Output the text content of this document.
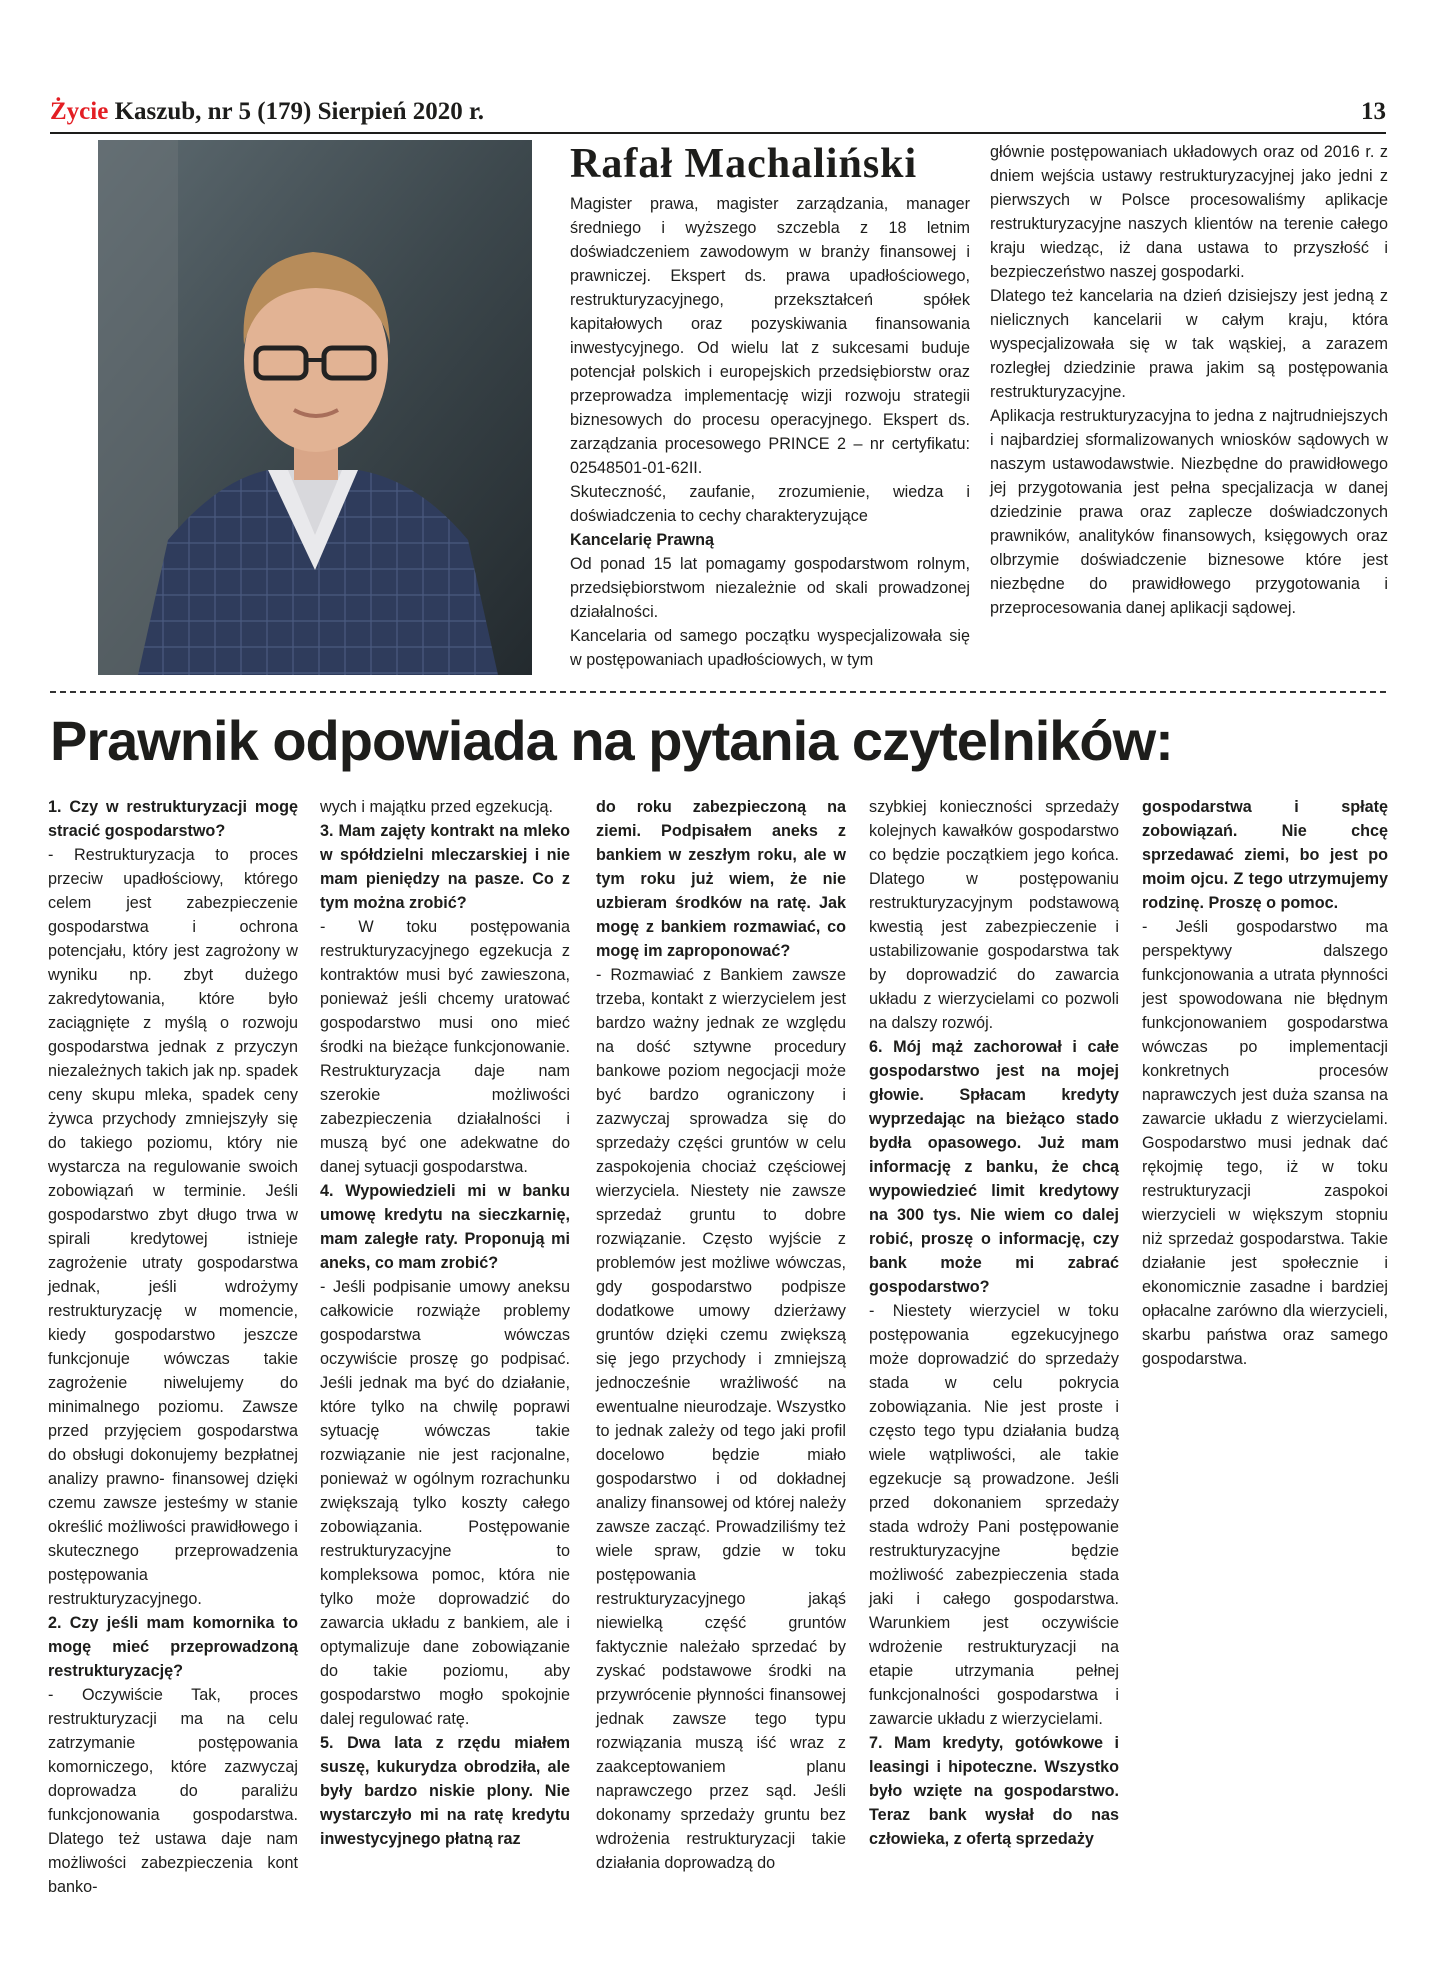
Życie Kaszub, nr 5 (179) Sierpień 2020 r.	13
Rafał Machaliński

Magister prawa, magister zarządzania, manager średniego i wyższego szczebla z 18 letnim doświadczeniem zawodowym w branży finansowej i prawniczej. Ekspert ds. prawa upadłościowego, restrukturyzacyjnego, przekształceń spółek kapitałowych oraz pozyskiwania finansowania inwestycyjnego. Od wielu lat z sukcesami buduje potencjał polskich i europejskich przedsiębiorstw oraz przeprowadza implementację wizji rozwoju strategii biznesowych do procesu operacyjnego. Ekspert ds. zarządzania procesowego PRINCE 2 – nr certyfikatu: 02548501-01-62II.

Skuteczność, zaufanie, zrozumienie, wiedza i doświadczenia to cechy charakteryzujące

Kancelarię Prawną

Od ponad 15 lat pomagamy gospodarstwom rolnym, przedsiębiorstwom niezależnie od skali prowadzonej działalności.

Kancelaria od samego początku wyspecjalizowała się w postępowaniach upadłościowych, w tym

głównie postępowaniach układowych oraz od 2016 r. z dniem wejścia ustawy restrukturyzacyjnej jako jedni z pierwszych w Polsce procesowaliśmy aplikacje restrukturyzacyjne naszych klientów na terenie całego kraju wiedząc, iż dana ustawa to przyszłość i bezpieczeństwo naszej gospodarki.

Dlatego też kancelaria na dzień dzisiejszy jest jedną z nielicznych kancelarii w całym kraju, która wyspecjalizowała się w tak wąskiej, a zarazem rozległej dziedzinie prawa jakim są postępowania restrukturyzacyjne.

Aplikacja restrukturyzacyjna to jedna z najtrudniejszych i najbardziej sformalizowanych wniosków sądowych w naszym ustawodawstwie. Niezbędne do prawidłowego jej przygotowania jest pełna specjalizacja w danej dziedzinie prawa oraz zaplecze doświadczonych prawników, analityków finansowych, księgowych oraz olbrzymie doświadczenie biznesowe które jest niezbędne do prawidłowego przygotowania i przeprocesowania danej aplikacji sądowej.

Prawnik odpowiada na pytania czytelników:

1. Czy w restrukturyzacji mogę stracić gospodarstwo?

- Restrukturyzacja to proces przeciw upadłościowy, którego celem jest zabezpieczenie gospodarstwa i ochrona potencjału, który jest zagrożony w wyniku np. zbyt dużego zakredytowania, które było zaciągnięte z myślą o rozwoju gospodarstwa jednak z przyczyn niezależnych takich jak np. spadek ceny skupu mleka, spadek ceny żywca przychody zmniejszyły się do takiego poziomu, który nie wystarcza na regulowanie swoich zobowiązań w terminie. Jeśli gospodarstwo zbyt długo trwa w spirali kredytowej istnieje zagrożenie utraty gospodarstwa jednak, jeśli wdrożymy restrukturyzację w momencie, kiedy gospodarstwo jeszcze funkcjonuje wówczas takie zagrożenie niwelujemy do minimalnego poziomu. Zawsze przed przyjęciem gospodarstwa do obsługi dokonujemy bezpłatnej analizy prawno- finansowej dzięki czemu zawsze jesteśmy w stanie określić możliwości prawidłowego i skutecznego przeprowadzenia postępowania restrukturyzacyjnego.

2. Czy jeśli mam komornika to mogę mieć przeprowadzoną restrukturyzację?

- Oczywiście Tak, proces restrukturyzacji ma na celu zatrzymanie postępowania komorniczego, które zazwyczaj doprowadza do paraliżu funkcjonowania gospodarstwa. Dlatego też ustawa daje nam możliwości zabezpieczenia kont banko-

wych i majątku przed egzekucją.

3. Mam zajęty kontrakt na mleko w spółdzielni mleczarskiej i nie mam pieniędzy na pasze. Co z tym można zrobić?

- W toku postępowania restrukturyzacyjnego egzekucja z kontraktów musi być zawieszona, ponieważ jeśli chcemy uratować gospodarstwo musi ono mieć środki na bieżące funkcjonowanie. Restrukturyzacja daje nam szerokie możliwości zabezpieczenia działalności i muszą być one adekwatne do danej sytuacji gospodarstwa.

4. Wypowiedzieli mi w banku umowę kredytu na sieczkarnię, mam zaległe raty. Proponują mi aneks, co mam zrobić?

- Jeśli podpisanie umowy aneksu całkowicie rozwiąże problemy gospodarstwa wówczas oczywiście proszę go podpisać. Jeśli jednak ma być do działanie, które tylko na chwilę poprawi sytuację wówczas takie rozwiązanie nie jest racjonalne, ponieważ w ogólnym rozrachunku zwiększają tylko koszty całego zobowiązania. Postępowanie restrukturyzacyjne to kompleksowa pomoc, która nie tylko może doprowadzić do zawarcia układu z bankiem, ale i optymalizuje dane zobowiązanie do takie poziomu, aby gospodarstwo mogło spokojnie dalej regulować ratę.

5. Dwa lata z rzędu miałem suszę, kukurydza obrodziła, ale były bardzo niskie plony. Nie wystarczyło mi na ratę kredytu inwestycyjnego płatną raz

do roku zabezpieczoną na ziemi. Podpisałem aneks z bankiem w zeszłym roku, ale w tym roku już wiem, że nie uzbieram środków na ratę. Jak mogę z bankiem rozmawiać, co mogę im zaproponować?

- Rozmawiać z Bankiem zawsze trzeba, kontakt z wierzycielem jest bardzo ważny jednak ze względu na dość sztywne procedury bankowe poziom negocjacji może być bardzo ograniczony i zazwyczaj sprowadza się do sprzedaży części gruntów w celu zaspokojenia chociaż częściowej wierzyciela. Niestety nie zawsze sprzedaż gruntu to dobre rozwiązanie. Często wyjście z problemów jest możliwe wówczas, gdy gospodarstwo podpisze dodatkowe umowy dzierżawy gruntów dzięki czemu zwiększą się jego przychody i zmniejszą jednocześnie wrażliwość na ewentualne nieurodzaje. Wszystko to jednak zależy od tego jaki profil docelowo będzie miało gospodarstwo i od dokładnej analizy finansowej od której należy zawsze zacząć. Prowadziliśmy też wiele spraw, gdzie w toku postępowania restrukturyzacyjnego jakąś niewielką część gruntów faktycznie należało sprzedać by zyskać podstawowe środki na przywrócenie płynności finansowej jednak zawsze tego typu rozwiązania muszą iść wraz z zaakceptowaniem planu naprawczego przez sąd. Jeśli dokonamy sprzedaży gruntu bez wdrożenia restrukturyzacji takie działania doprowadzą do

szybkiej konieczności sprzedaży kolejnych kawałków gospodarstwo co będzie początkiem jego końca. Dlatego w postępowaniu restrukturyzacyjnym podstawową kwestią jest zabezpieczenie i ustabilizowanie gospodarstwa tak by doprowadzić do zawarcia układu z wierzycielami co pozwoli na dalszy rozwój.

6. Mój mąż zachorował i całe gospodarstwo jest na mojej głowie. Spłacam kredyty wyprzedając na bieżąco stado bydła opasowego. Już mam informację z banku, że chcą wypowiedzieć limit kredytowy na 300 tys. Nie wiem co dalej robić, proszę o informację, czy bank może mi zabrać gospodarstwo?

- Niestety wierzyciel w toku postępowania egzekucyjnego może doprowadzić do sprzedaży stada w celu pokrycia zobowiązania. Nie jest proste i często tego typu działania budzą wiele wątpliwości, ale takie egzekucje są prowadzone. Jeśli przed dokonaniem sprzedaży stada wdroży Pani postępowanie restrukturyzacyjne będzie możliwość zabezpieczenia stada jaki i całego gospodarstwa. Warunkiem jest oczywiście wdrożenie restrukturyzacji na etapie utrzymania pełnej funkcjonalności gospodarstwa i zawarcie układu z wierzycielami.

7. Mam kredyty, gotówkowe i leasingi i hipoteczne. Wszystko było wzięte na gospodarstwo. Teraz bank wysłał do nas człowieka, z ofertą sprzedaży

gospodarstwa i spłatę zobowiązań. Nie chcę sprzedawać ziemi, bo jest po moim ojcu. Z tego utrzymujemy rodzinę. Proszę o pomoc.

- Jeśli gospodarstwo ma perspektywy dalszego funkcjonowania a utrata płynności jest spowodowana nie błędnym funkcjonowaniem gospodarstwa wówczas po implementacji konkretnych procesów naprawczych jest duża szansa na zawarcie układu z wierzycielami. Gospodarstwo musi jednak dać rękojmię tego, iż w toku restrukturyzacji zaspokoi wierzycieli w większym stopniu niż sprzedaż gospodarstwa. Takie działanie jest społecznie i ekonomicznie zasadne i bardziej opłacalne zarówno dla wierzycieli, skarbu państwa oraz samego gospodarstwa.
